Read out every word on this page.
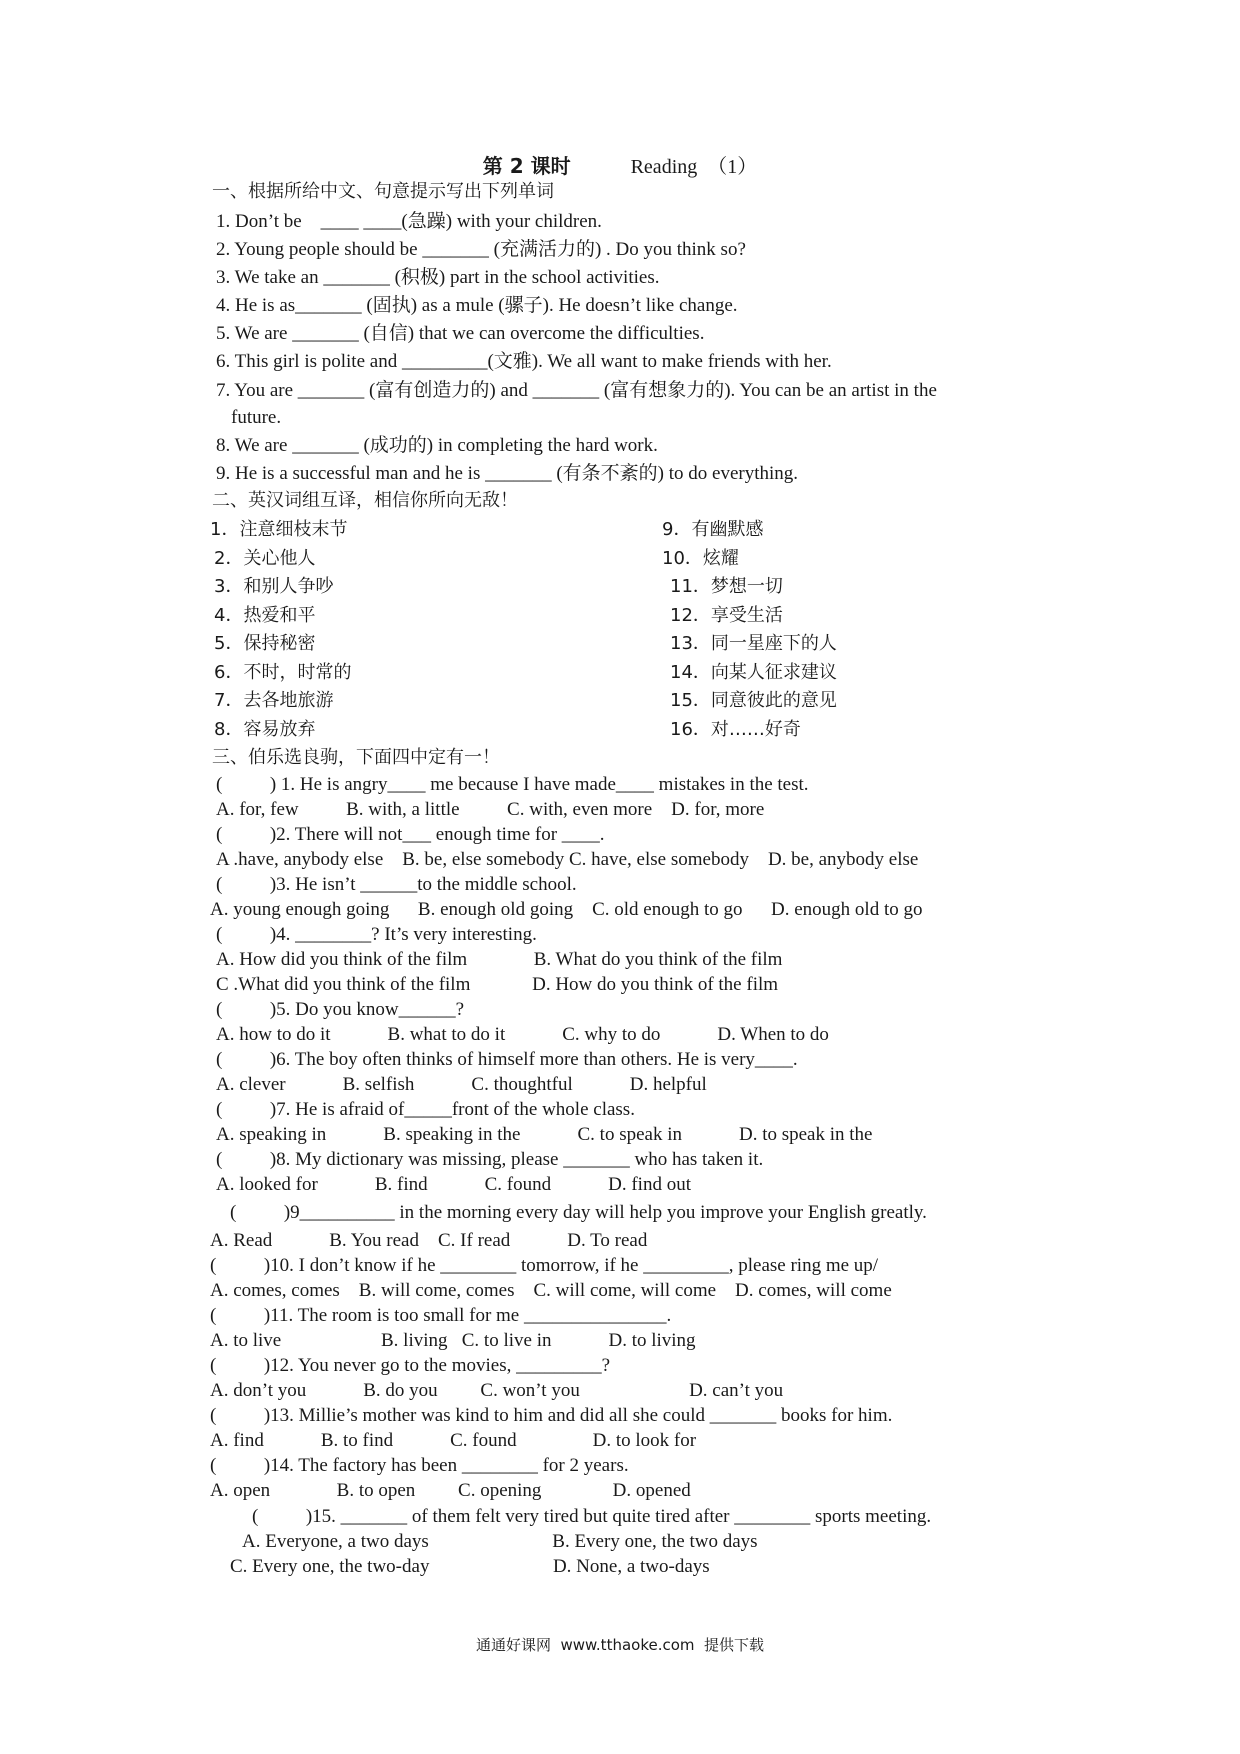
第 2 课时	Reading  （1）
一、根据所给中文、句意提示写出下列单词
1. Don’t be    ____ ____(急躁) with your children.
2. Young people should be _______ (充满活力的) . Do you think so?
3. We take an _______ (积极) part in the school activities.
4. He is as_______ (固执) as a mule (骡子). He doesn’t like change.
5. We are _______ (自信) that we can overcome the difficulties.
6. This girl is polite and _________(文雅). We all want to make friends with her.
7. You are _______ (富有创造力的) and _______ (富有想象力的). You can be an artist in the
future.
8. We are _______ (成功的) in completing the hard work.
9. He is a successful man and he is _______ (有条不紊的) to do everything.
二、英汉词组互译，相信你所向无敌！
1．注意细枝末节
2．关心他人
3．和别人争吵
4．热爱和平
5．保持秘密
6．不时，时常的
7．去各地旅游
8．容易放弃
9．有幽默感
10．炫耀
11．梦想一切
12．享受生活
13．同一星座下的人
14．向某人征求建议
15．同意彼此的意见
16．对……好奇
三、伯乐选良驹，下面四中定有一！
(          ) 1. He is angry____ me because I have made____ mistakes in the test.
A. for, few          B. with, a little          C. with, even more    D. for, more
(          )2. There will not___ enough time for ____.
A .have, anybody else    B. be, else somebody C. have, else somebody    D. be, anybody else
(          )3. He isn’t ______to the middle school.
A. young enough going      B. enough old going    C. old enough to go      D. enough old to go
(          )4. ________? It’s very interesting.
A. How did you think of the film              B. What do you think of the film
C .What did you think of the film             D. How do you think of the film
(          )5. Do you know______?
A. how to do it            B. what to do it            C. why to do            D. When to do
(          )6. The boy often thinks of himself more than others. He is very____.
A. clever            B. selfish            C. thoughtful            D. helpful
(          )7. He is afraid of_____front of the whole class.
A. speaking in            B. speaking in the            C. to speak in            D. to speak in the
(          )8. My dictionary was missing, please _______ who has taken it.
A. looked for            B. find            C. found            D. find out
(          )9__________ in the morning every day will help you improve your English greatly.
A. Read            B. You read    C. If read            D. To read
(          )10. I don’t know if he ________ tomorrow, if he _________, please ring me up/
A. comes, comes    B. will come, comes    C. will come, will come    D. comes, will come
(          )11. The room is too small for me _______________.
A. to live                     B. living   C. to live in            D. to living
(          )12. You never go to the movies, _________?
A. don’t you            B. do you         C. won’t you                       D. can’t you
(          )13. Millie’s mother was kind to him and did all she could _______ books for him.
A. find            B. to find            C. found                D. to look for
(          )14. The factory has been ________ for 2 years.
A. open              B. to open         C. opening               D. opened
(          )15. _______ of them felt very tired but quite tired after ________ sports meeting.
A. Everyone, a two days                          B. Every one, the two days
C. Every one, the two-day                          D. None, a two-days
通通好课网  www.tthaoke.com  提供下载
